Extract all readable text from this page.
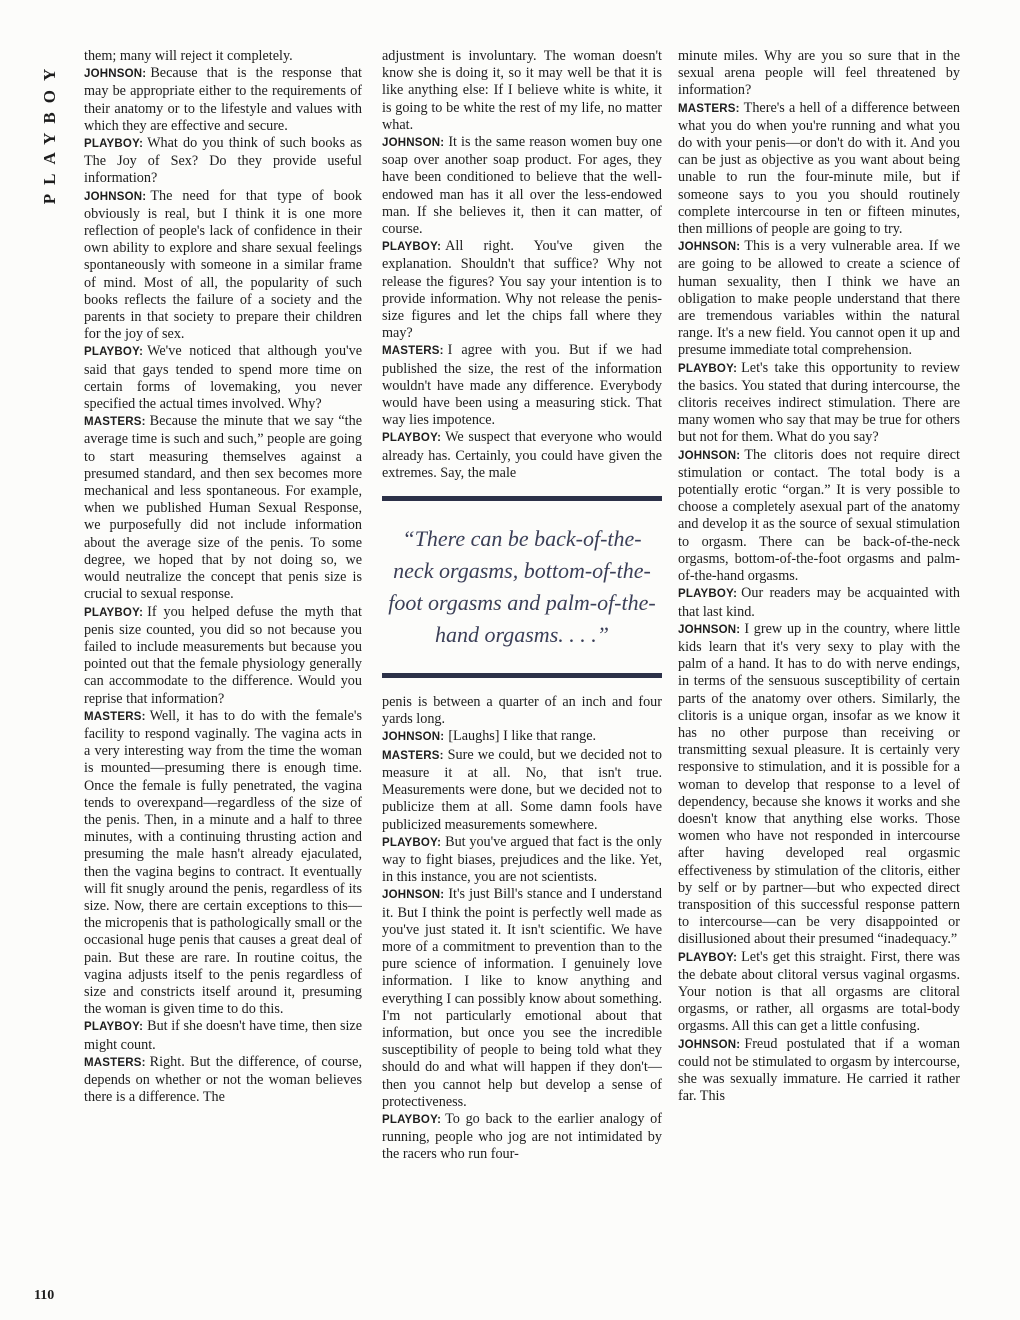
PLAYBOY

them; many will reject it completely.

JOHNSON: Because that is the response that may be appropriate either to the requirements of their anatomy or to the lifestyle and values with which they are effective and secure.

PLAYBOY: What do you think of such books as The Joy of Sex? Do they provide useful information?

JOHNSON: The need for that type of book obviously is real, but I think it is one more reflection of people's lack of confidence in their own ability to explore and share sexual feelings spontaneously with someone in a similar frame of mind. Most of all, the popularity of such books reflects the failure of a society and the parents in that society to prepare their children for the joy of sex.

PLAYBOY: We've noticed that although you've said that gays tended to spend more time on certain forms of lovemaking, you never specified the actual times involved. Why?

MASTERS: Because the minute that we say “the average time is such and such,” people are going to start measuring themselves against a presumed standard, and then sex becomes more mechanical and less spontaneous. For example, when we published Human Sexual Response, we purposefully did not include information about the average size of the penis. To some degree, we hoped that by not doing so, we would neutralize the concept that penis size is crucial to sexual response.

PLAYBOY: If you helped defuse the myth that penis size counted, you did so not because you failed to include measurements but because you pointed out that the female physiology generally can accommodate to the difference. Would you reprise that information?

MASTERS: Well, it has to do with the female's facility to respond vaginally. The vagina acts in a very interesting way from the time the woman is mounted—presuming there is enough time. Once the female is fully penetrated, the vagina tends to overexpand—regardless of the size of the penis. Then, in a minute and a half to three minutes, with a continuing thrusting action and presuming the male hasn't already ejaculated, then the vagina begins to contract. It eventually will fit snugly around the penis, regardless of its size. Now, there are certain exceptions to this—the micropenis that is pathologically small or the occasional huge penis that causes a great deal of pain. But these are rare. In routine coitus, the vagina adjusts itself to the penis regardless of size and constricts itself around it, presuming the woman is given time to do this.

PLAYBOY: But if she doesn't have time, then size might count.

MASTERS: Right. But the difference, of course, depends on whether or not the woman believes there is a difference. The

adjustment is involuntary. The woman doesn't know she is doing it, so it may well be that it is like anything else: If I believe white is white, it is going to be white the rest of my life, no matter what.

JOHNSON: It is the same reason women buy one soap over another soap product. For ages, they have been conditioned to believe that the well-endowed man has it all over the less-endowed man. If she believes it, then it can matter, of course.

PLAYBOY: All right. You've given the explanation. Shouldn't that suffice? Why not release the figures? You say your intention is to provide information. Why not release the penis-size figures and let the chips fall where they may?

MASTERS: I agree with you. But if we had published the size, the rest of the information wouldn't have made any difference. Everybody would have been using a measuring stick. That way lies impotence.

PLAYBOY: We suspect that everyone who would already has. Certainly, you could have given the extremes. Say, the male

“There can be back-of-the-neck orgasms, bottom-of-the-foot orgasms and palm-of-the-hand orgasms. . . .”

penis is between a quarter of an inch and four yards long.

JOHNSON: [Laughs] I like that range.

MASTERS: Sure we could, but we decided not to measure it at all. No, that isn't true. Measurements were done, but we decided not to publicize them at all. Some damn fools have publicized measurements somewhere.

PLAYBOY: But you've argued that fact is the only way to fight biases, prejudices and the like. Yet, in this instance, you are not scientists.

JOHNSON: It's just Bill's stance and I understand it. But I think the point is perfectly well made as you've just stated it. It isn't scientific. We have more of a commitment to prevention than to the pure science of information. I genuinely love information. I like to know anything and everything I can possibly know about something. I'm not particularly emotional about that information, but once you see the incredible susceptibility of people to being told what they should do and what will happen if they don't—then you cannot help but develop a sense of protectiveness.

PLAYBOY: To go back to the earlier analogy of running, people who jog are not intimidated by the racers who run four-

minute miles. Why are you so sure that in the sexual arena people will feel threatened by information?

MASTERS: There's a hell of a difference between what you do when you're running and what you do with your penis—or don't do with it. And you can be just as objective as you want about being unable to run the four-minute mile, but if someone says to you you should routinely complete intercourse in ten or fifteen minutes, then millions of people are going to try.

JOHNSON: This is a very vulnerable area. If we are going to be allowed to create a science of human sexuality, then I think we have an obligation to make people understand that there are tremendous variables within the natural range. It's a new field. You cannot open it up and presume immediate total comprehension.

PLAYBOY: Let's take this opportunity to review the basics. You stated that during intercourse, the clitoris receives indirect stimulation. There are many women who say that may be true for others but not for them. What do you say?

JOHNSON: The clitoris does not require direct stimulation or contact. The total body is a potentially erotic “organ.” It is very possible to choose a completely asexual part of the anatomy and develop it as the source of sexual stimulation to orgasm. There can be back-of-the-neck orgasms, bottom-of-the-foot orgasms and palm-of-the-hand orgasms.

PLAYBOY: Our readers may be acquainted with that last kind.

JOHNSON: I grew up in the country, where little kids learn that it's very sexy to play with the palm of a hand. It has to do with nerve endings, in terms of the sensuous susceptibility of certain parts of the anatomy over others. Similarly, the clitoris is a unique organ, insofar as we know it has no other purpose than receiving or transmitting sexual pleasure. It is certainly very responsive to stimulation, and it is possible for a woman to develop that response to a level of dependency, because she knows it works and she doesn't know that anything else works. Those women who have not responded in intercourse after having developed real orgasmic effectiveness by stimulation of the clitoris, either by self or by partner—but who expected direct transposition of this successful response pattern to intercourse—can be very disappointed or disillusioned about their presumed “inadequacy.”

PLAYBOY: Let's get this straight. First, there was the debate about clitoral versus vaginal orgasms. Your notion is that all orgasms are clitoral orgasms, or rather, all orgasms are total-body orgasms. All this can get a little confusing.

JOHNSON: Freud postulated that if a woman could not be stimulated to orgasm by intercourse, she was sexually immature. He carried it rather far. This

110
